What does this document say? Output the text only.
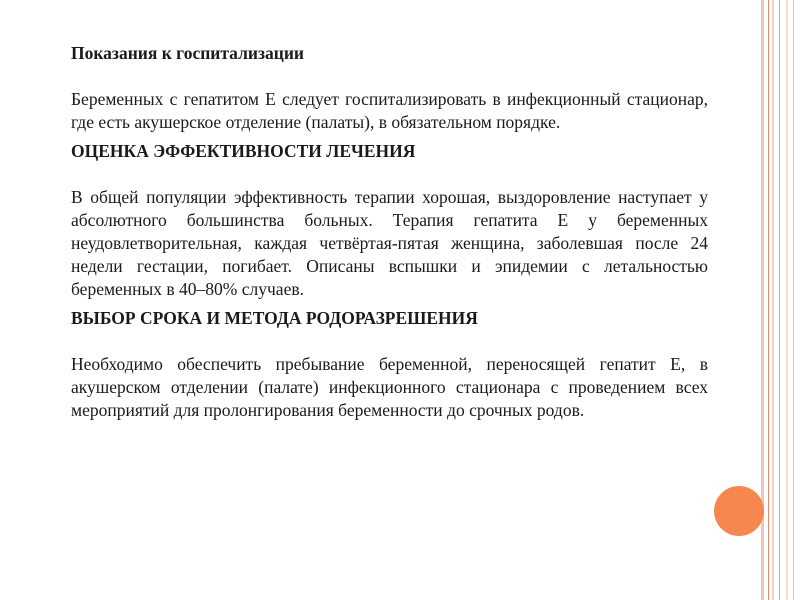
Показания к госпитализации
Беременных с гепатитом Е следует госпитализировать в инфекционный стационар, где есть акушерское отделение (палаты), в обязательном порядке.
ОЦЕНКА ЭФФЕКТИВНОСТИ ЛЕЧЕНИЯ
В общей популяции эффективность терапии хорошая, выздоровление наступает у абсолютного большинства больных. Терапия гепатита Е у беременных неудовлетворительная, каждая четвёртая-пятая женщина, заболевшая после 24 недели гестации, погибает. Описаны вспышки и эпидемии с летальностью беременных в 40–80% случаев.
ВЫБОР СРОКА И МЕТОДА РОДОРАЗРЕШЕНИЯ
Необходимо обеспечить пребывание беременной, переносящей гепатит Е, в акушерском отделении (палате) инфекционного стационара с проведением всех мероприятий для пролонгирования беременности до срочных родов.
